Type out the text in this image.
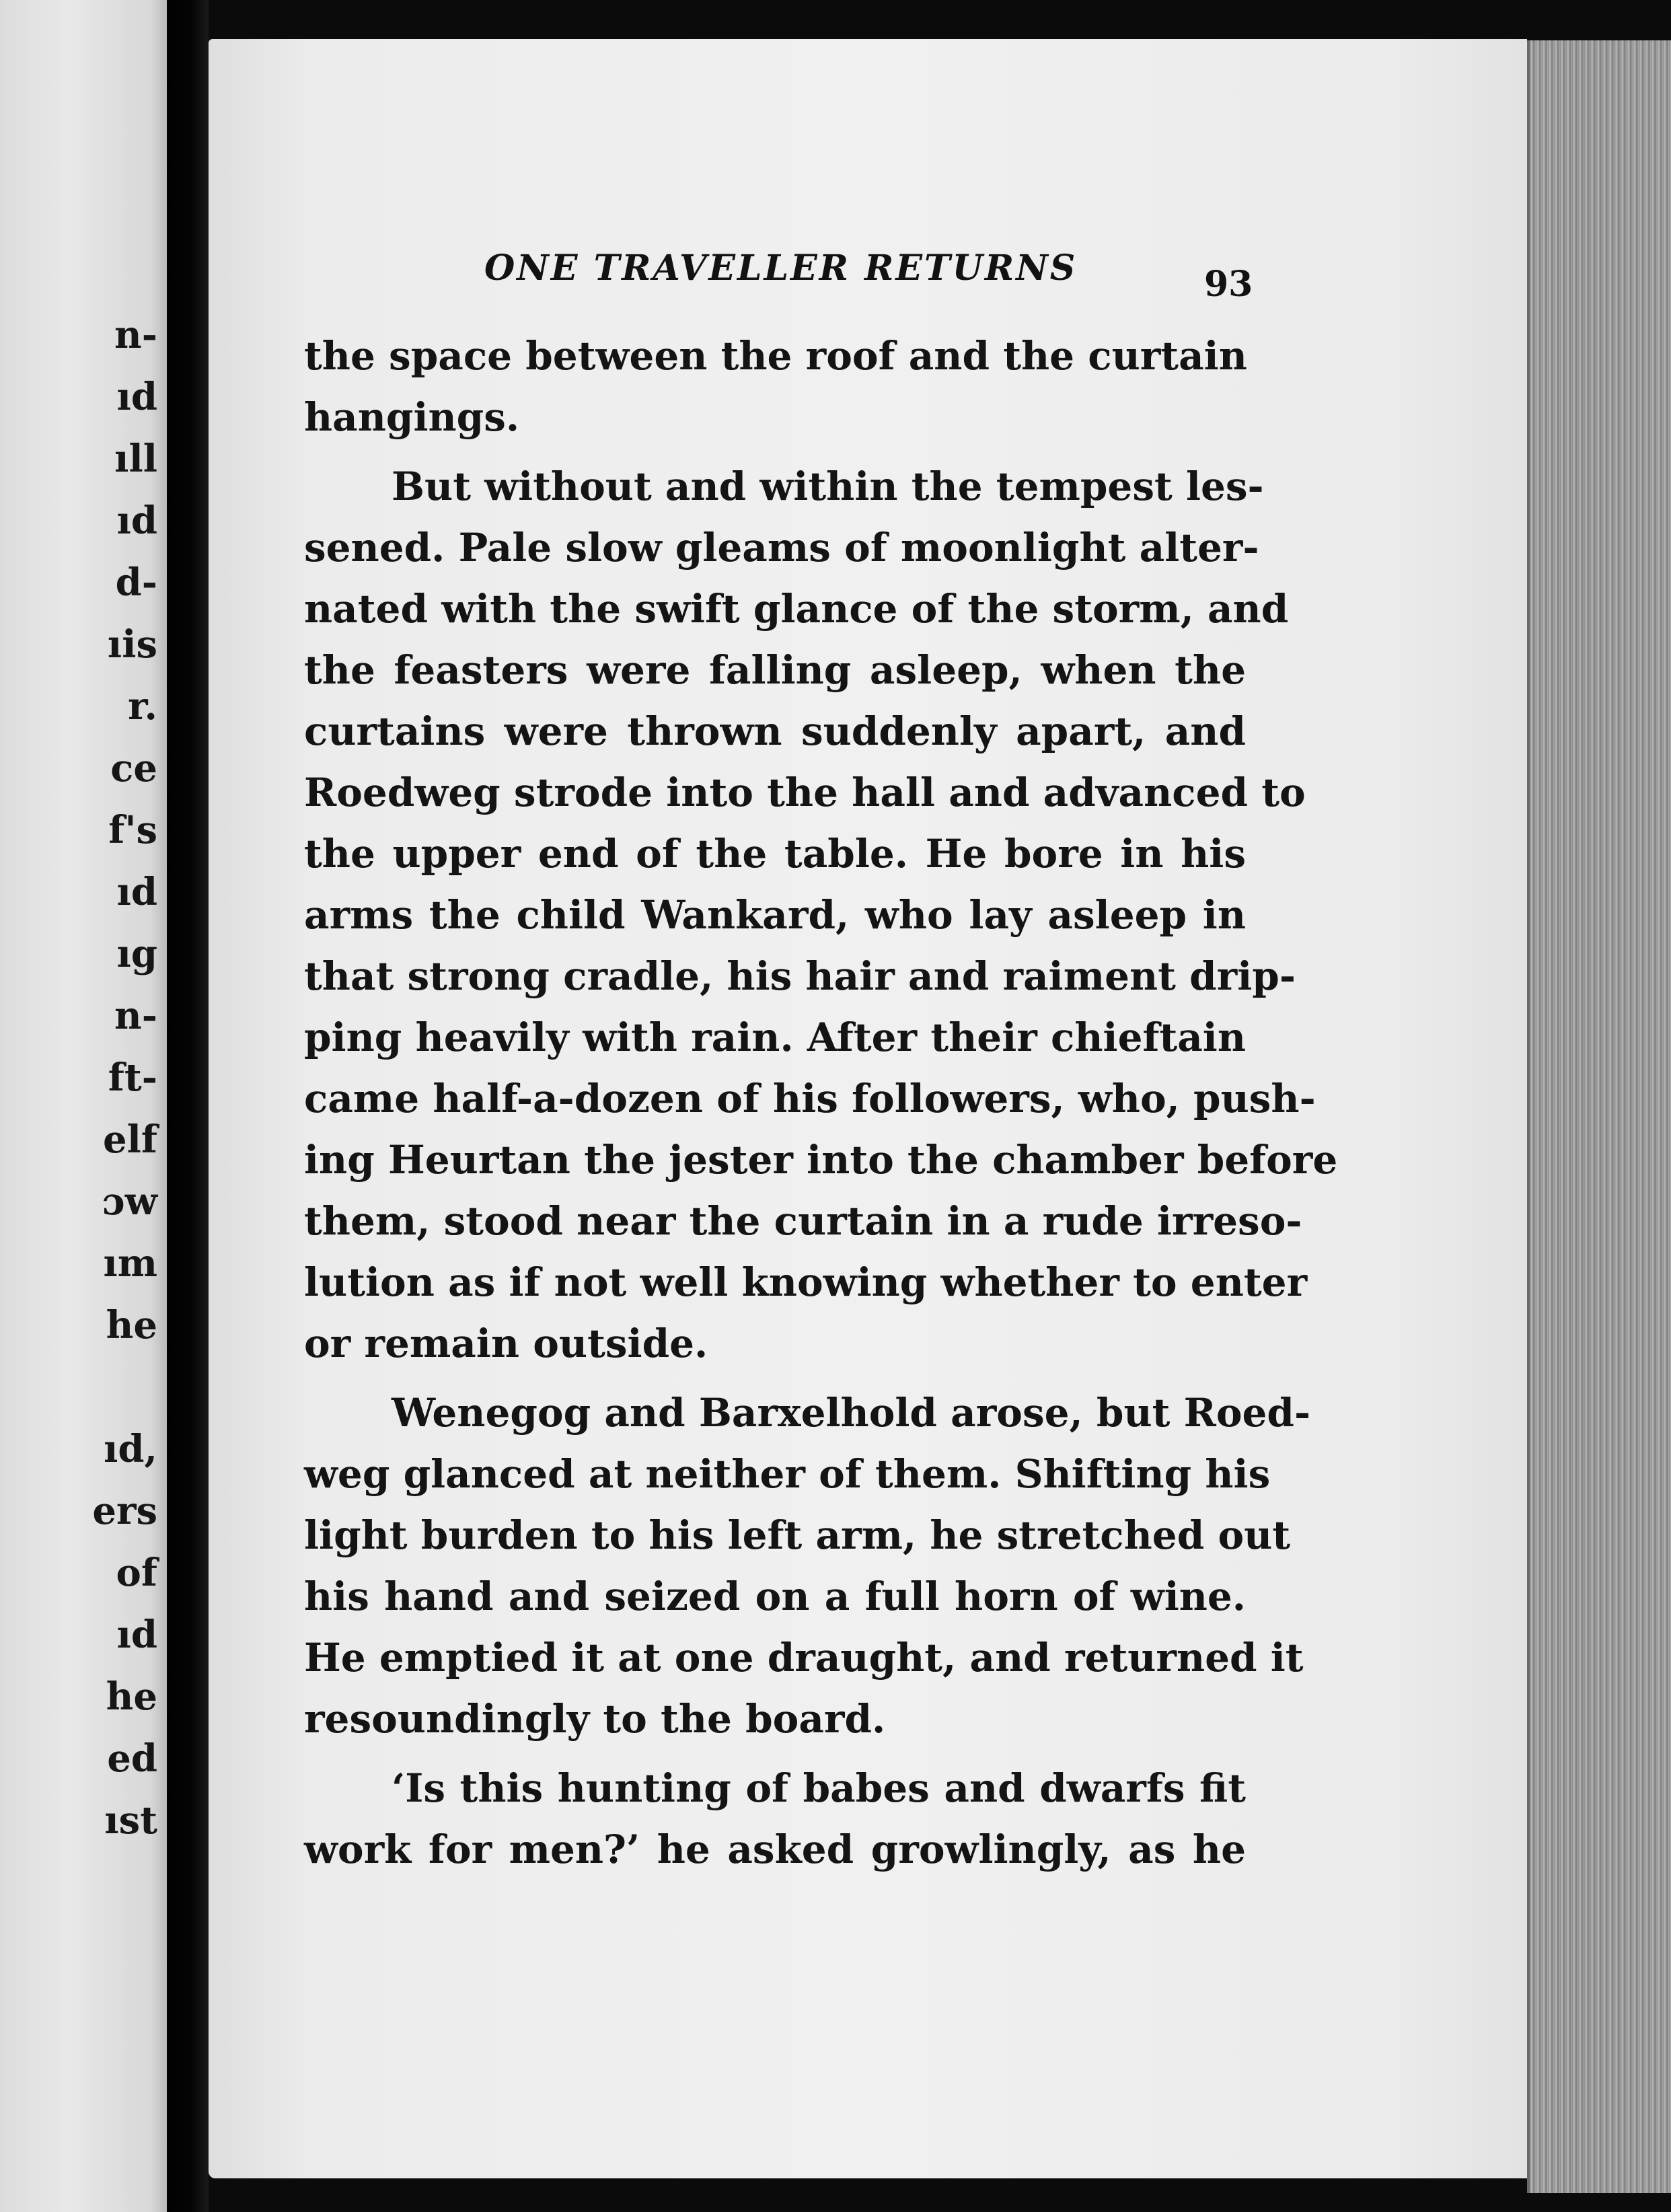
n-
ıd
ıll
ıd
d-
ıis
r.
ce
f's
ıd
ıg
n-
ft-
elf
ɔw
ım
he
ıd,
ers
of
ıd
he
ed
ıst
ONE TRAVELLER RETURNS	93
the space between the roof and the curtain
hangings.
But without and within the tempest les-
sened. Pale slow gleams of moonlight alter-
nated with the swift glance of the storm, and
the feasters were falling asleep, when the
curtains were thrown suddenly apart, and
Roedweg strode into the hall and advanced to
the upper end of the table. He bore in his
arms the child Wankard, who lay asleep in
that strong cradle, his hair and raiment drip-
ping heavily with rain. After their chieftain
came half-a-dozen of his followers, who, push-
ing Heurtan the jester into the chamber before
them, stood near the curtain in a rude irreso-
lution as if not well knowing whether to enter
or remain outside.
Wenegog and Barxelhold arose, but Roed-
weg glanced at neither of them. Shifting his
light burden to his left arm, he stretched out
his hand and seized on a full horn of wine.
He emptied it at one draught, and returned it
resoundingly to the board.
‘Is this hunting of babes and dwarfs fit
work for men?’ he asked growlingly, as he
